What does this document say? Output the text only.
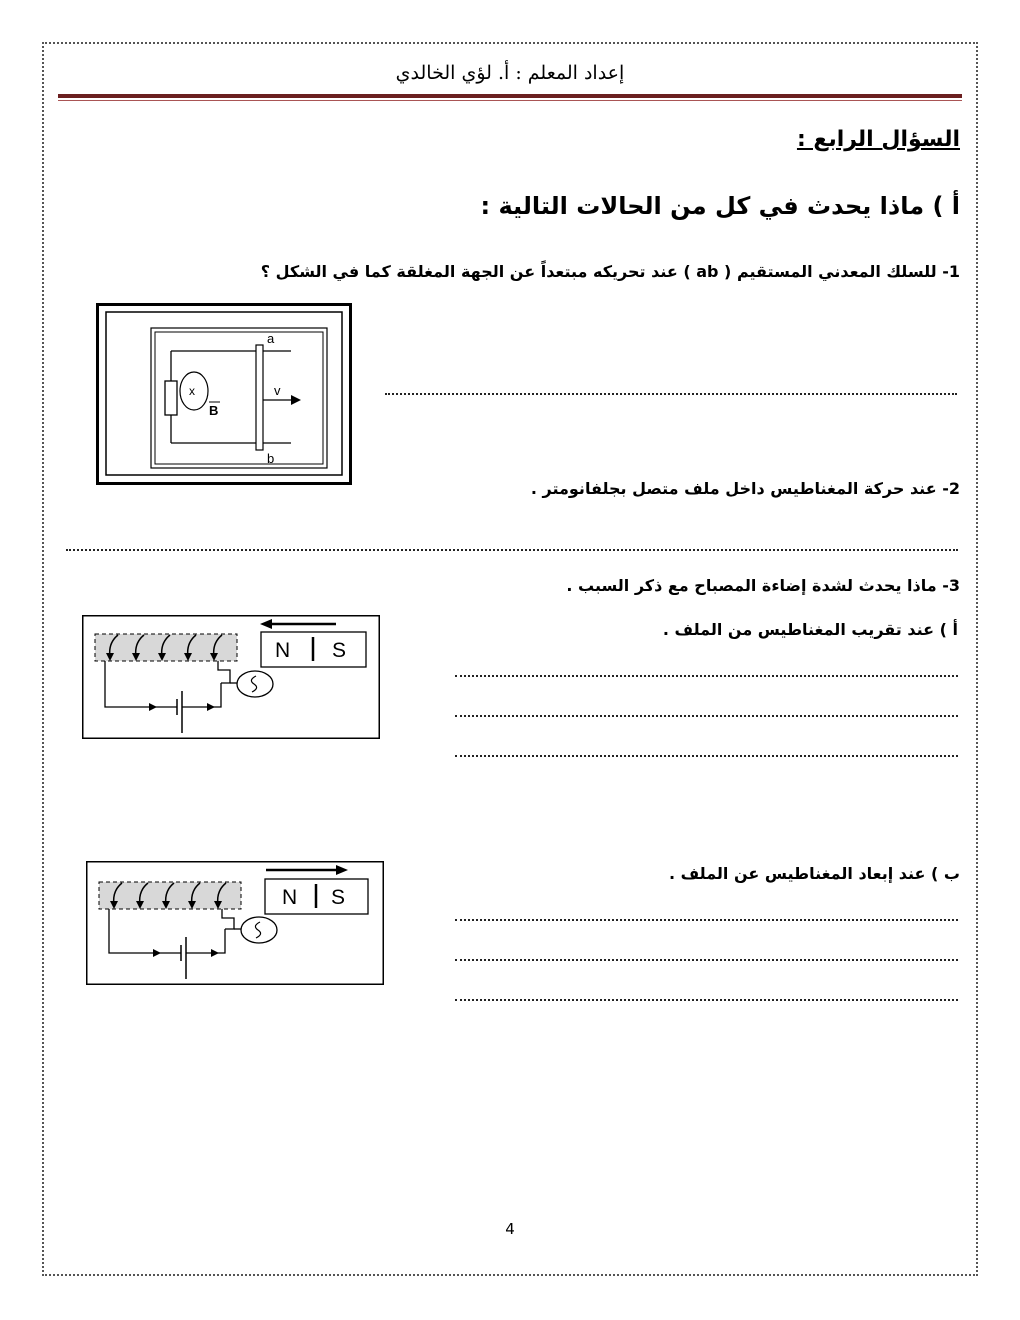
إعداد المعلم : أ. لؤي الخالدي
السؤال الرابع :
أ ) ماذا يحدث في كل من الحالات التالية :
1- للسلك المعدني المستقيم ( ab ) عند تحريكه مبتعداً عن الجهة المغلقة كما في الشكل ؟
x
B
a
b
v
2- عند حركة المغناطيس داخل ملف متصل بجلفانومتر .
3- ماذا يحدث لشدة إضاءة المصباح مع ذكر السبب .
أ ) عند تقريب المغناطيس من الملف .
N S
ب ) عند إبعاد المغناطيس عن الملف .
N S
4
